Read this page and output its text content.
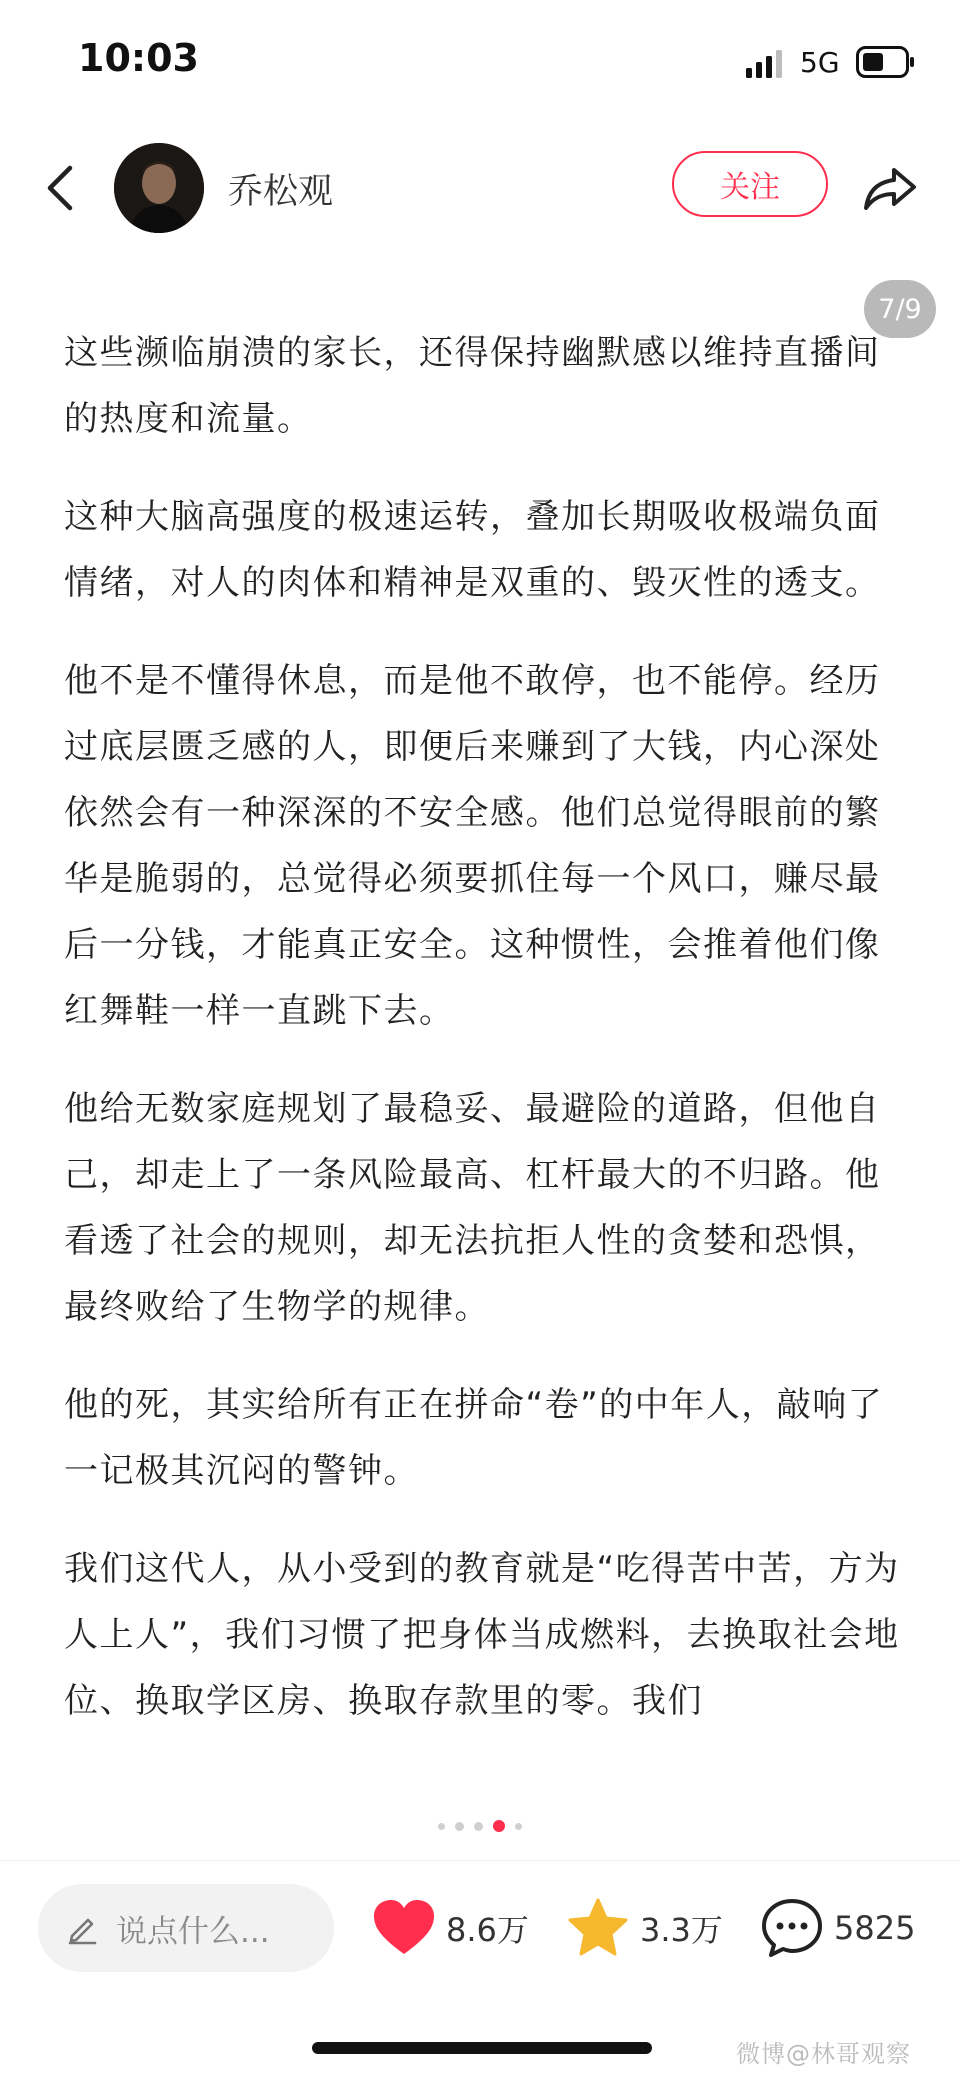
10:03	5G
乔松观	关注
7/9

这些濒临崩溃的家长，还得保持幽默感以维持直播间的热度和流量。

这种大脑高强度的极速运转，叠加长期吸收极端负面情绪，对人的肉体和精神是双重的、毁灭性的透支。

他不是不懂得休息，而是他不敢停，也不能停。经历过底层匮乏感的人，即便后来赚到了大钱，内心深处依然会有一种深深的不安全感。他们总觉得眼前的繁华是脆弱的，总觉得必须要抓住每一个风口，赚尽最后一分钱，才能真正安全。这种惯性，会推着他们像红舞鞋一样一直跳下去。

他给无数家庭规划了最稳妥、最避险的道路，但他自己，却走上了一条风险最高、杠杆最大的不归路。他看透了社会的规则，却无法抗拒人性的贪婪和恐惧，最终败给了生物学的规律。

他的死，其实给所有正在拼命“卷”的中年人，敲响了一记极其沉闷的警钟。

我们这代人，从小受到的教育就是“吃得苦中苦，方为人上人”，我们习惯了把身体当成燃料，去换取社会地位、换取学区房、换取存款里的零。我们

说点什么...	8.6万	3.3万	5825
微博@林哥观察
